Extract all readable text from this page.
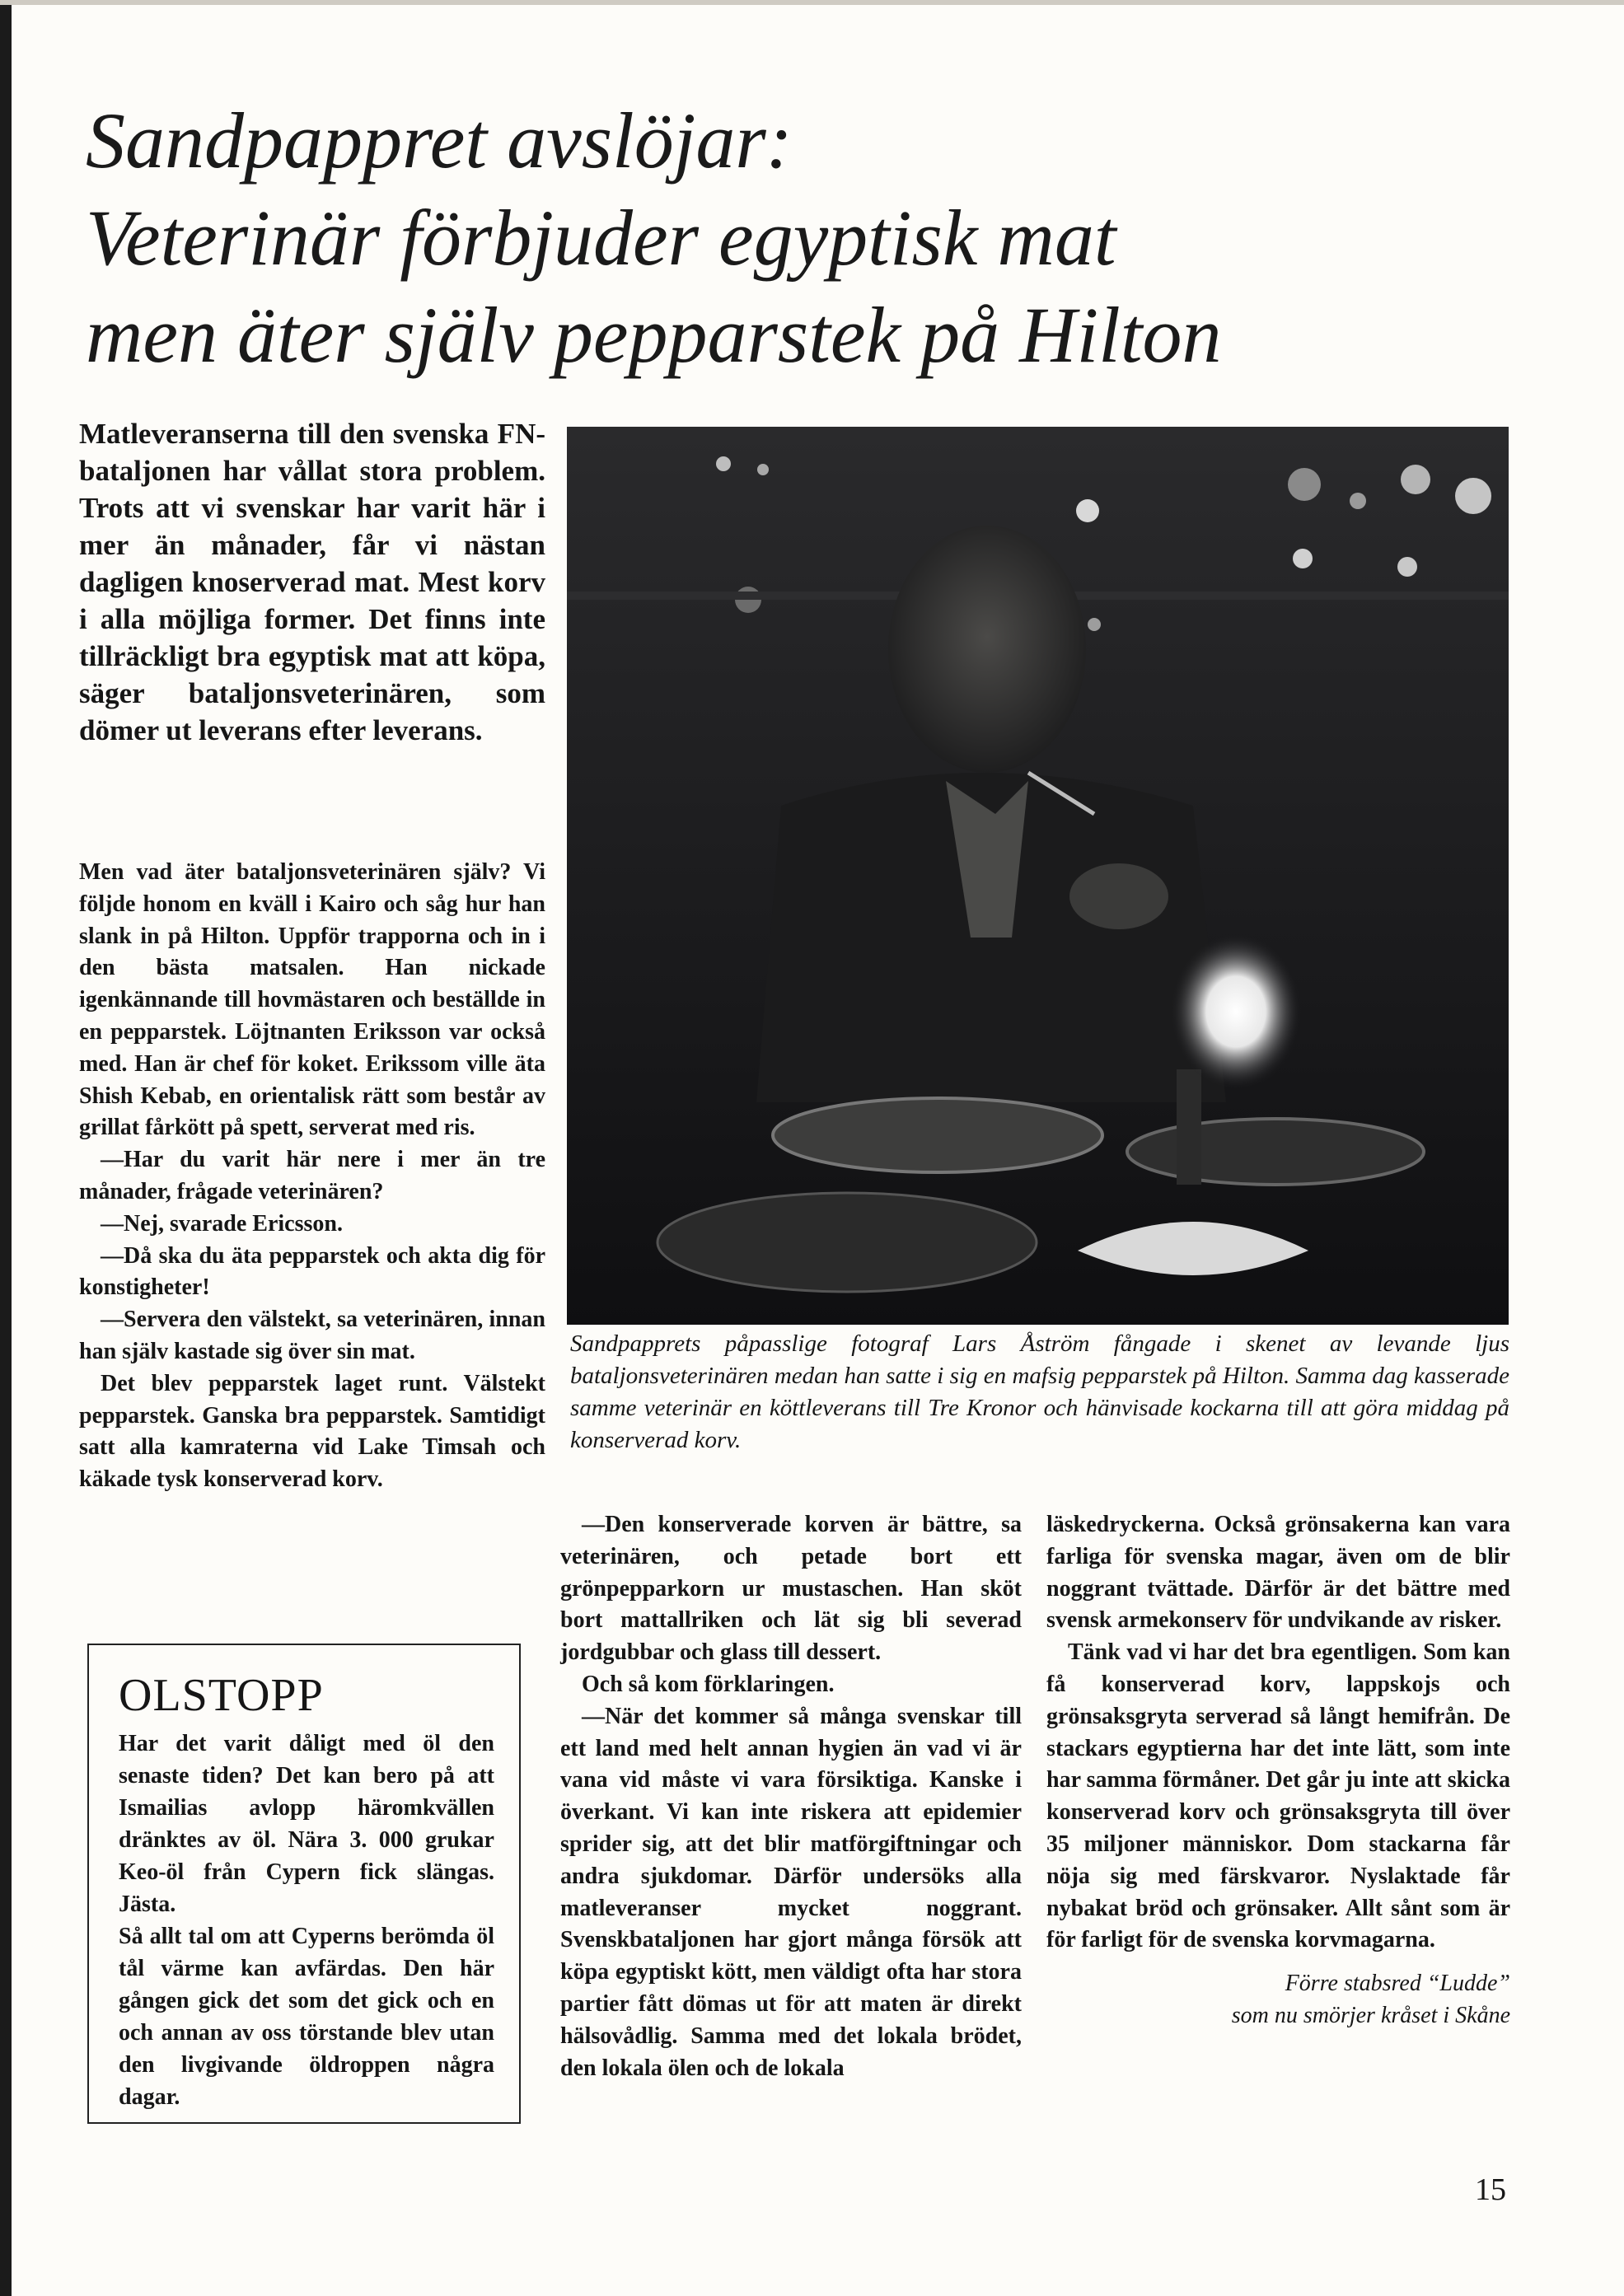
Sandpappret avslöjar:
Veterinär förbjuder egyptisk mat
men äter själv pepparstek på Hilton

Matleveranserna till den svenska FN-bataljonen har vållat stora problem. Trots att vi svenskar har varit här i mer än månader, får vi nästan dagligen knoserverad mat. Mest korv i alla möjliga former. Det finns inte tillräckligt bra egyptisk mat att köpa, säger bataljonsveterinären, som dömer ut leverans efter leverans.

Men vad äter bataljonsveterinären själv? Vi följde honom en kväll i Kairo och såg hur han slank in på Hilton. Uppför trapporna och in i den bästa matsalen. Han nickade igenkännande till hovmästaren och beställde in en pepparstek. Löjtnanten Eriksson var också med. Han är chef för koket. Erikssom ville äta Shish Kebab, en orientalisk rätt som består av grillat fårkött på spett, serverat med ris.

—Har du varit här nere i mer än tre månader, frågade veterinären?

—Nej, svarade Ericsson.

—Då ska du äta pepparstek och akta dig för konstigheter!

—Servera den välstekt, sa veterinären, innan han själv kastade sig över sin mat.

Det blev pepparstek laget runt. Välstekt pepparstek. Ganska bra pepparstek. Samtidigt satt alla kamraterna vid Lake Timsah och käkade tysk konserverad korv.

Sandpapprets påpasslige fotograf Lars Åström fångade i skenet av levande ljus bataljonsveterinären medan han satte i sig en mafsig pepparstek på Hilton. Samma dag kasserade samme veterinär en köttleverans till Tre Kronor och hänvisade kockarna till att göra middag på konserverad korv.

—Den konserverade korven är bättre, sa veterinären, och petade bort ett grönpepparkorn ur mustaschen. Han sköt bort mattallriken och lät sig bli severad jordgubbar och glass till dessert.

Och så kom förklaringen.

—När det kommer så många svenskar till ett land med helt annan hygien än vad vi är vana vid måste vi vara försiktiga. Kanske i överkant. Vi kan inte riskera att epidemier sprider sig, att det blir matförgiftningar och andra sjukdomar. Därför undersöks alla matleveranser mycket noggrant. Svenskbataljonen har gjort många försök att köpa egyptiskt kött, men väldigt ofta har stora partier fått dömas ut för att maten är direkt hälsovådlig. Samma med det lokala brödet, den lokala ölen och de lokala

läskedryckerna. Också grönsakerna kan vara farliga för svenska magar, även om de blir noggrant tvättade. Därför är det bättre med svensk armekonserv för undvikande av risker.

Tänk vad vi har det bra egentligen. Som kan få konserverad korv, lappskojs och grönsaksgryta serverad så långt hemifrån. De stackars egyptierna har det inte lätt, som inte har samma förmåner. Det går ju inte att skicka konserverad korv och grönsaksgryta till över 35 miljoner människor. Dom stackarna får nöja sig med färskvaror. Nyslaktade får nybakat bröd och grönsaker. Allt sånt som är för farligt för de svenska korvmagarna.

Förre stabsred “Ludde”

som nu smörjer kråset i Skåne

OLSTOPP

Har det varit dåligt med öl den senaste tiden? Det kan bero på att Ismailias avlopp häromkvällen dränktes av öl. Nära 3. 000 grukar Keo-öl från Cypern fick slängas. Jästa.

Så allt tal om att Cyperns berömda öl tål värme kan avfärdas. Den här gången gick det som det gick och en och annan av oss törstande blev utan den livgivande öldroppen några dagar.

15
